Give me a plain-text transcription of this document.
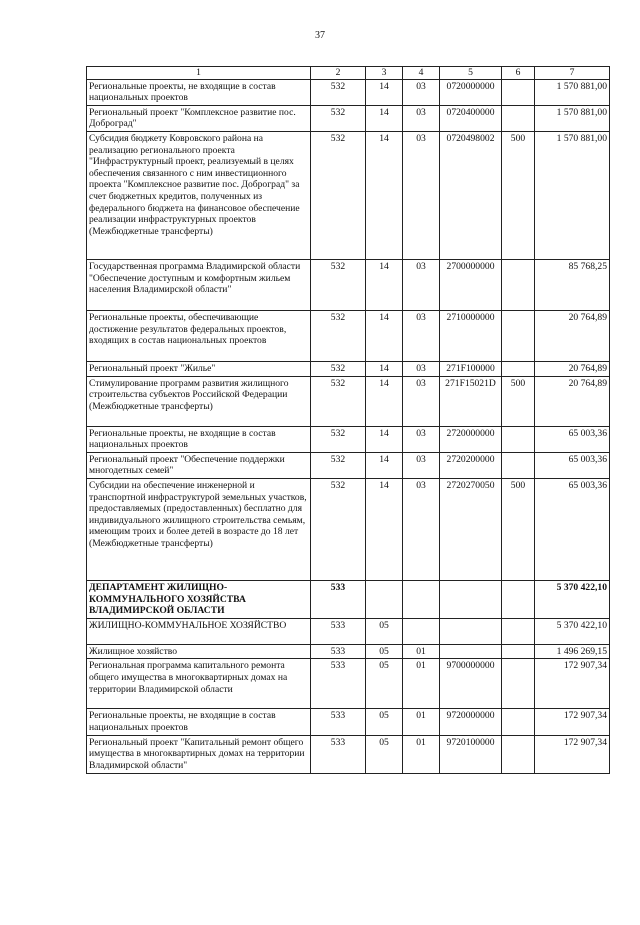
37
1	2	3	4	5	6	7
Региональные проекты, не входящие в состав национальных проектов	532	14	03	0720000000		1 570 881,00
Региональный проект "Комплексное развитие пос. Доброград"	532	14	03	0720400000		1 570 881,00
Субсидия бюджету Ковровского района на реализацию регионального проекта "Инфраструктурный проект, реализуемый в целях обеспечения связанного с ним инвестиционного проекта "Комплексное развитие пос. Доброград" за счет бюджетных кредитов, полученных из федерального бюджета на финансовое обеспечение реализации инфраструктурных проектов (Межбюджетные трансферты)	532	14	03	0720498002	500	1 570 881,00
Государственная программа Владимирской области "Обеспечение доступным и комфортным жильем населения Владимирской области"	532	14	03	2700000000		85 768,25
Региональные проекты, обеспечивающие достижение результатов федеральных проектов, входящих в состав национальных проектов	532	14	03	2710000000		20 764,89
Региональный проект "Жилье"	532	14	03	271F100000		20 764,89
Стимулирование программ развития жилищного строительства субъектов Российской Федерации (Межбюджетные трансферты)	532	14	03	271F15021D	500	20 764,89
Региональные проекты, не входящие в состав национальных проектов	532	14	03	2720000000		65 003,36
Региональный проект "Обеспечение поддержки многодетных семей"	532	14	03	2720200000		65 003,36
Субсидии на обеспечение инженерной и транспортной инфраструктурой земельных участков, предоставляемых (предоставленных) бесплатно для индивидуального жилищного строительства семьям, имеющим троих и более детей в возрасте до 18 лет (Межбюджетные трансферты)	532	14	03	2720270050	500	65 003,36
ДЕПАРТАМЕНТ ЖИЛИЩНО-КОММУНАЛЬНОГО ХОЗЯЙСТВА ВЛАДИМИРСКОЙ ОБЛАСТИ	533					5 370 422,10
ЖИЛИЩНО-КОММУНАЛЬНОЕ ХОЗЯЙСТВО	533	05				5 370 422,10
Жилищное хозяйство	533	05	01			1 496 269,15
Региональная программа капитального ремонта общего имущества в многоквартирных домах на территории Владимирской области	533	05	01	9700000000		172 907,34
Региональные проекты, не входящие в состав национальных проектов	533	05	01	9720000000		172 907,34
Региональный проект "Капитальный ремонт общего имущества в многоквартирных домах на территории Владимирской области"	533	05	01	9720100000		172 907,34
